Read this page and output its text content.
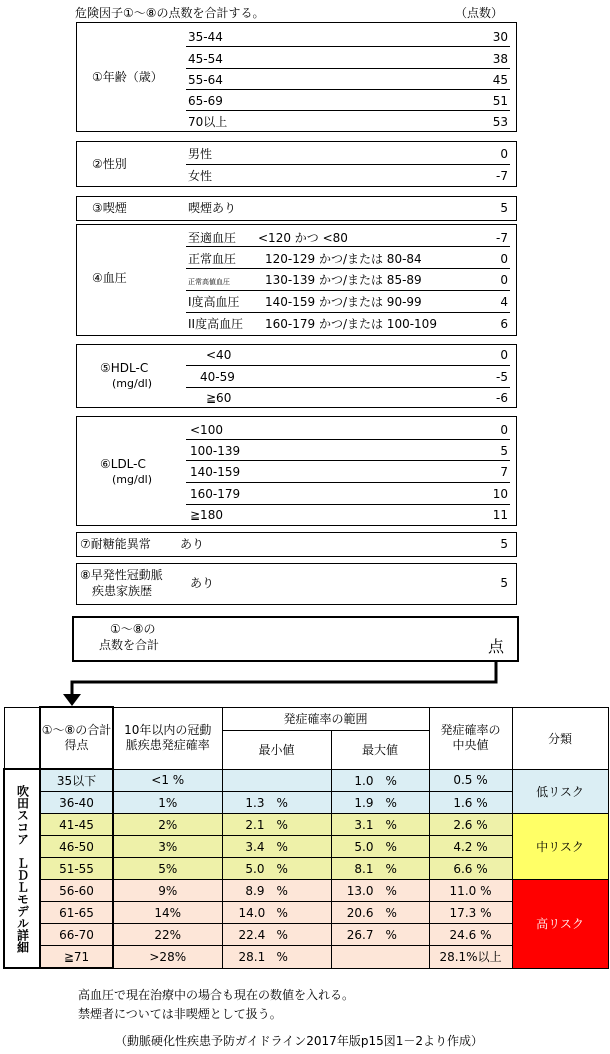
危険因子①～⑧の点数を合計する。	（点数）
①年齢（歳）
35-44	30
45-54	38
55-64	45
65-69	51
70以上	53
②性別
男性	0
女性	-7
③喫煙	喫煙あり	5
④血圧
至適血圧 <120 かつ <80	-7
正常血圧 120-129 かつ/または 80-84	0
正常高値血圧	130-139 かつ/または 85-89	0
I度高血圧 140-159 かつ/または 90-99	4
II度高血圧 160-179 かつ/または 100-109	6
⑤HDL-C
(mg/dl)
<40	0
40-59	-5
≧60	-6
⑥LDL-C
(mg/dl)
<100	0
100-139	5
140-159	7
160-179	10
≧180	11
⑦耐糖能異常 あり	5
⑧早発性冠動脈
疾患家族歴
あり	5
①～⑧の
点数を合計	点
	①～⑧の合計得点	10年以内の冠動脈疾患発症確率	発症確率の範囲		発症確率の中央値	分類
			最小値	最大値		
吹田スコア　ＬＤＬモデル詳細	35以下	<1 %		1.0　 %	0.5 %	低リスク
	36-40	1%	1.3　 %	1.9　 %	1.6 %	
	41-45	2%	2.1　 %	3.1　 %	2.6 %	中リスク
	46-50	3%	3.4　 %	5.0　 %	4.2 %	
	51-55	5%	5.0　 %	8.1　 %	6.6 %	
	56-60	9%	8.9　 %	13.0　 %	11.0 %	高リスク
	61-65	14%	14.0　 %	20.6　 %	17.3 %	
	66-70	22%	22.4　 %	26.7　 %	24.6 %	
	≧71	>28%	28.1　 %		28.1%以上	
高血圧で現在治療中の場合も現在の数値を入れる。
禁煙者については非喫煙として扱う。
（動脈硬化性疾患予防ガイドライン2017年版p15図1－2より作成）
